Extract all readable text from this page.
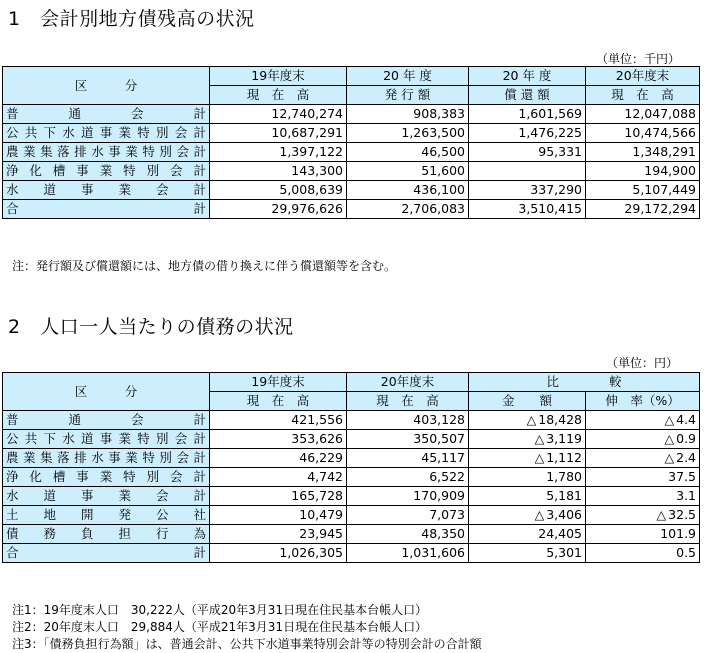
1　会計別地方債残高の状況
（単位：千円）
区　　　分	19年度末	20 年 度	20 年 度	20年度末
	現　在　高	発 行 額	償 還 額	現　在　高
普通会計	12,740,274	908,383	1,601,569	12,047,088
公共下水道事業特別会計	10,687,291	1,263,500	1,476,225	10,474,566
農業集落排水事業特別会計	1,397,122	46,500	95,331	1,348,291
浄化槽事業特別会計	143,300	51,600		194,900
水道事業会計	5,008,639	436,100	337,290	5,107,449
合計	29,976,626	2,706,083	3,510,415	29,172,294
注：発行額及び償還額には、地方債の借り換えに伴う償還額等を含む。
2　人口一人当たりの債務の状況
（単位：円）
区　　　分	19年度末	20年度末	比　　　　較	
	現　在　高	現　在　高	金　　額	伸　率（%）
普通会計	421,556	403,128	△ 18,428	△ 4.4
公共下水道事業特別会計	353,626	350,507	△ 3,119	△ 0.9
農業集落排水事業特別会計	46,229	45,117	△ 1,112	△ 2.4
浄化槽事業特別会計	4,742	6,522	1,780	37.5
水道事業会計	165,728	170,909	5,181	3.1
土地開発公社	10,479	7,073	△ 3,406	△ 32.5
債務負担行為	23,945	48,350	24,405	101.9
合計	1,026,305	1,031,606	5,301	0.5
注1：19年度末人口　30,222人（平成20年3月31日現在住民基本台帳人口）
注2：20年度末人口　29,884人（平成21年3月31日現在住民基本台帳人口）
注3：「債務負担行為額」は、普通会計、公共下水道事業特別会計等の特別会計の合計額
